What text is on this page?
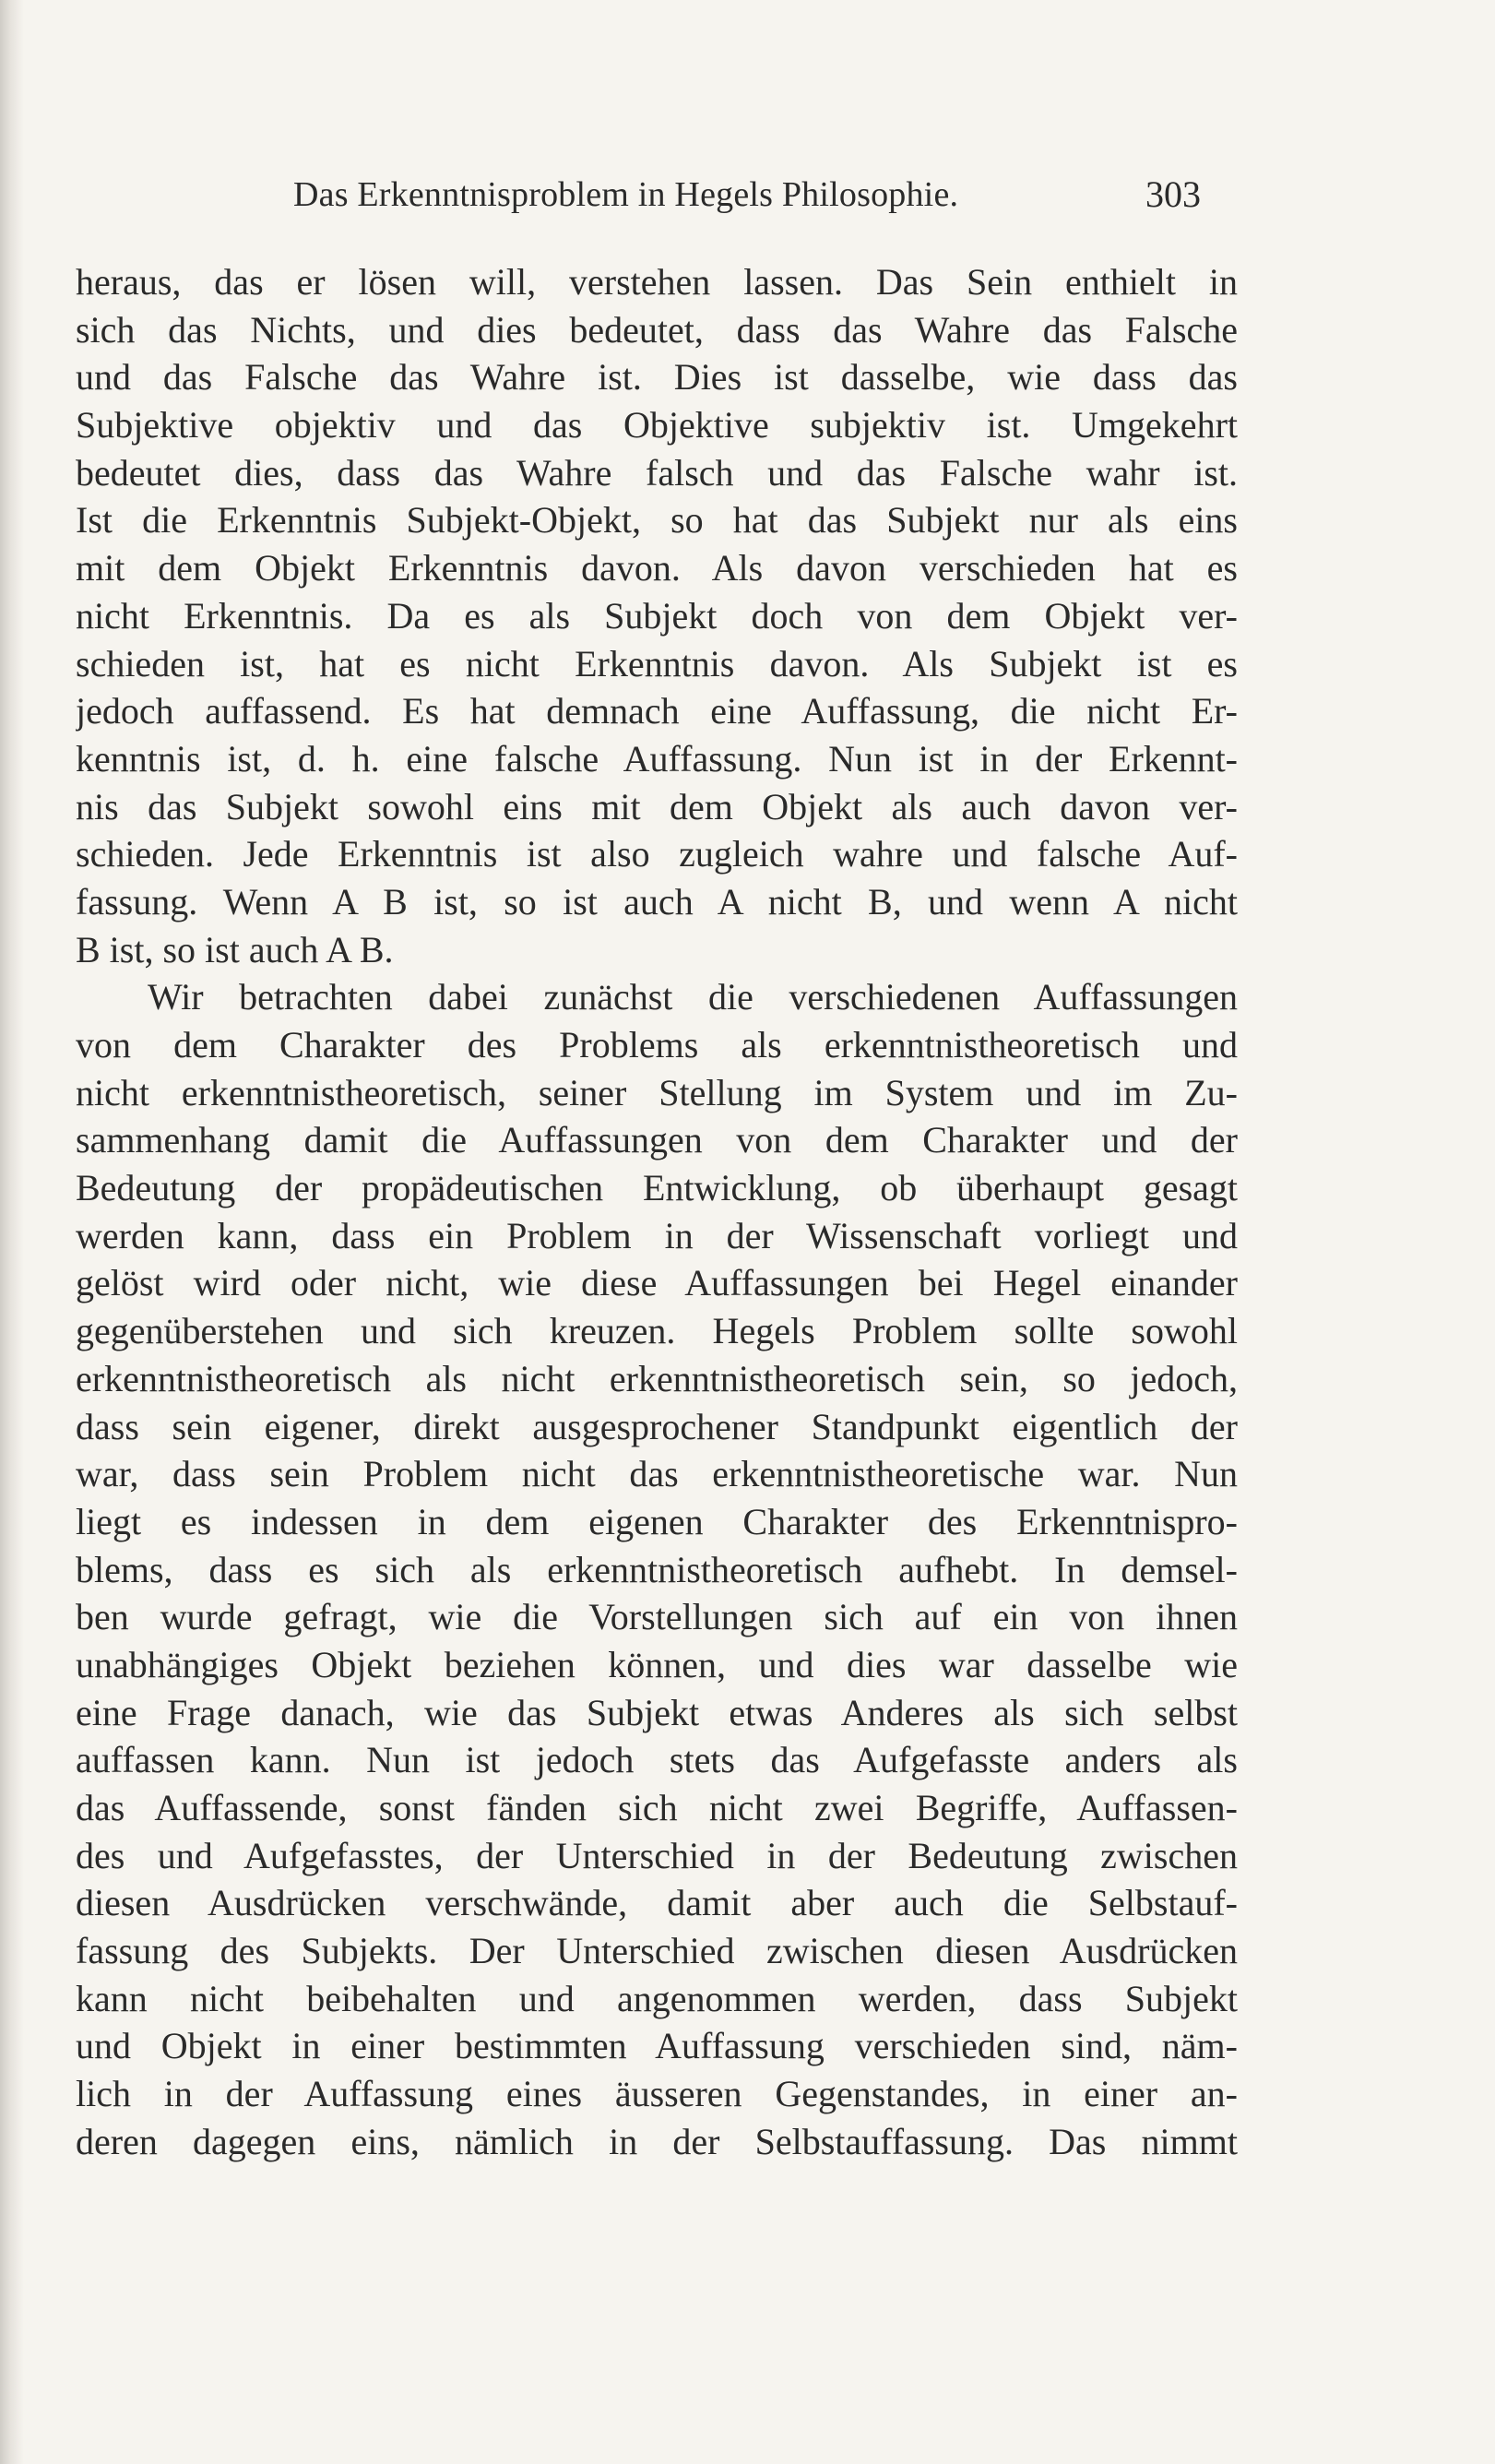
Das Erkenntnisproblem in Hegels Philosophie.	303
heraus, das er lösen will, verstehen lassen. Das Sein enthielt in
sich das Nichts, und dies bedeutet, dass das Wahre das Falsche
und das Falsche das Wahre ist. Dies ist dasselbe, wie dass das
Subjektive objektiv und das Objektive subjektiv ist. Umgekehrt
bedeutet dies, dass das Wahre falsch und das Falsche wahr ist.
Ist die Erkenntnis Subjekt-Objekt, so hat das Subjekt nur als eins
mit dem Objekt Erkenntnis davon. Als davon verschieden hat es
nicht Erkenntnis. Da es als Subjekt doch von dem Objekt ver-
schieden ist, hat es nicht Erkenntnis davon. Als Subjekt ist es
jedoch auffassend. Es hat demnach eine Auffassung, die nicht Er-
kenntnis ist, d. h. eine falsche Auffassung. Nun ist in der Erkennt-
nis das Subjekt sowohl eins mit dem Objekt als auch davon ver-
schieden. Jede Erkenntnis ist also zugleich wahre und falsche Auf-
fassung. Wenn A B ist, so ist auch A nicht B, und wenn A nicht
B ist, so ist auch A B.
Wir betrachten dabei zunächst die verschiedenen Auffassungen
von dem Charakter des Problems als erkenntnistheoretisch und
nicht erkenntnistheoretisch, seiner Stellung im System und im Zu-
sammenhang damit die Auffassungen von dem Charakter und der
Bedeutung der propädeutischen Entwicklung, ob überhaupt gesagt
werden kann, dass ein Problem in der Wissenschaft vorliegt und
gelöst wird oder nicht, wie diese Auffassungen bei Hegel einander
gegenüberstehen und sich kreuzen. Hegels Problem sollte sowohl
erkenntnistheoretisch als nicht erkenntnistheoretisch sein, so jedoch,
dass sein eigener, direkt ausgesprochener Standpunkt eigentlich der
war, dass sein Problem nicht das erkenntnistheoretische war. Nun
liegt es indessen in dem eigenen Charakter des Erkenntnispro-
blems, dass es sich als erkenntnistheoretisch aufhebt. In demsel-
ben wurde gefragt, wie die Vorstellungen sich auf ein von ihnen
unabhängiges Objekt beziehen können, und dies war dasselbe wie
eine Frage danach, wie das Subjekt etwas Anderes als sich selbst
auffassen kann. Nun ist jedoch stets das Aufgefasste anders als
das Auffassende, sonst fänden sich nicht zwei Begriffe, Auffassen-
des und Aufgefasstes, der Unterschied in der Bedeutung zwischen
diesen Ausdrücken verschwände, damit aber auch die Selbstauf-
fassung des Subjekts. Der Unterschied zwischen diesen Ausdrücken
kann nicht beibehalten und angenommen werden, dass Subjekt
und Objekt in einer bestimmten Auffassung verschieden sind, näm-
lich in der Auffassung eines äusseren Gegenstandes, in einer an-
deren dagegen eins, nämlich in der Selbstauffassung. Das nimmt
